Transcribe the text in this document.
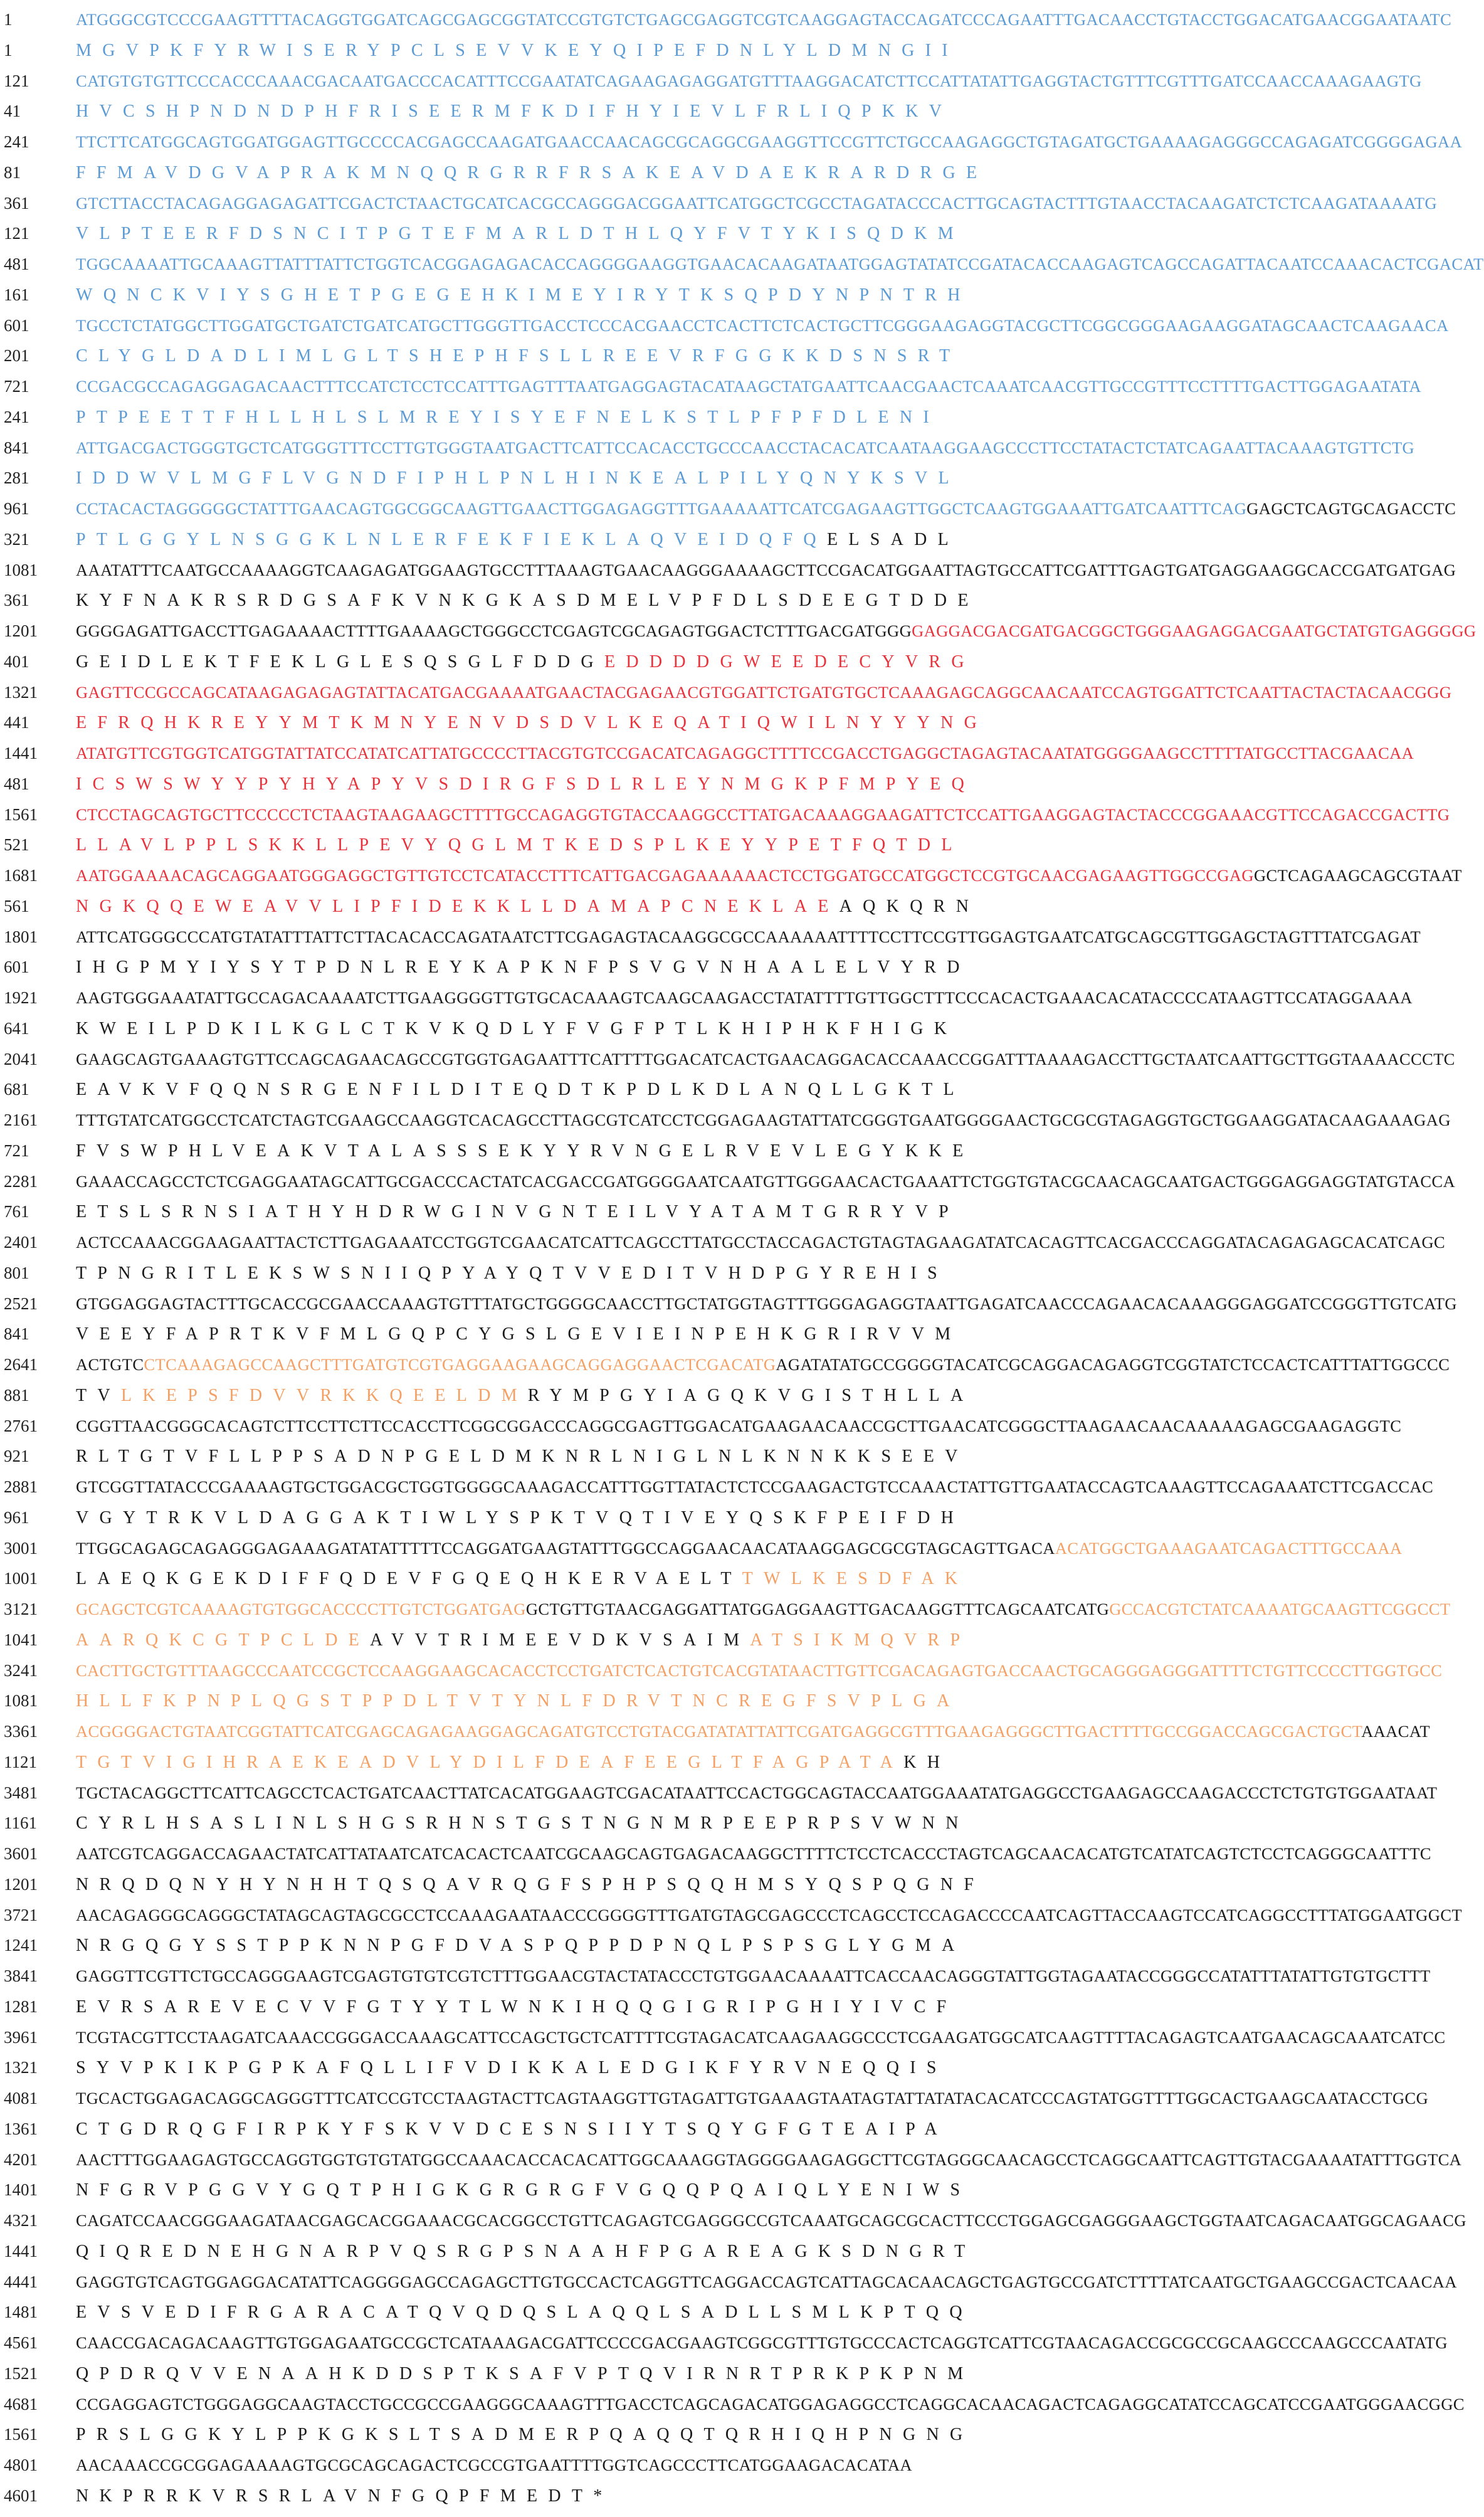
1	ATGGGCGTCCCGAAGTTTTACAGGTGGATCAGCGAGCGGTATCCGTGTCTGAGCGAGGTCGTCAAGGAGTACCAGATCCCAGAATTTGACAACCTGTACCTGGACATGAACGGAATAATC
1	MGVPKFYRWISERYPCLSEVVKEYQIPEFDNLYLDMNGII
121	CATGTGTGTTCCCACCCAAACGACAATGACCCACATTTCCGAATATCAGAAGAGAGGATGTTTAAGGACATCTTCCATTATATTGAGGTACTGTTTCGTTTGATCCAACCAAAGAAGTG
41	HVCSHPNDNDPHFRISEERMFKDIFHYIEVLFRLIQPKKV
241	TTCTTCATGGCAGTGGATGGAGTTGCCCCACGAGCCAAGATGAACCAACAGCGCAGGCGAAGGTTCCGTTCTGCCAAGAGGCTGTAGATGCTGAAAAGAGGGCCAGAGATCGGGGAGAA
81	FFMAVDGVAPRAKMNQQRGRRFRSAKEAVDAEKRARDRGE
361	GTCTTACCTACAGAGGAGAGATTCGACTCTAACTGCATCACGCCAGGGACGGAATTCATGGCTCGCCTAGATACCCACTTGCAGTACTTTGTAACCTACAAGATCTCTCAAGATAAAATG
121	VLPTEERFDSNCITPGTEFMARLDTHLQYFVTYKISQDKM
481	TGGCAAAATTGCAAAGTTATTTATTCTGGTCACGGAGAGACACCAGGGGAAGGTGAACACAAGATAATGGAGTATATCCGATACACCAAGAGTCAGCCAGATTACAATCCAAACACTCGACAT
161	WQNCKVIYSGHETPGEGEHKIMEYIRYTKSQPDYNPNTRH
601	TGCCTCTATGGCTTGGATGCTGATCTGATCATGCTTGGGTTGACCTCCCACGAACCTCACTTCTCACTGCTTCGGGAAGAGGTACGCTTCGGCGGGAAGAAGGATAGCAACTCAAGAACA
201	CLYGLDADLIMLGLTSHEPHFSLLREEVRFGGKKDSNSRT
721	CCGACGCCAGAGGAGACAACTTTCCATCTCCTCCATTTGAGTTTAATGAGGAGTACATAAGCTATGAATTCAACGAACTCAAATCAACGTTGCCGTTTCCTTTTGACTTGGAGAATATA
241	PTPEETTFHLLHLSLMREYISYEFNELKSTLPFPFDLENI
841	ATTGACGACTGGGTGCTCATGGGTTTCCTTGTGGGTAATGACTTCATTCCACACCTGCCCAACCTACACATCAATAAGGAAGCCCTTCCTATACTCTATCAGAATTACAAAGTGTTCTG
281	IDDWVLMGFLVGNDFIPHLPNLHINKEALPILYQNYKSVL
961	CCTACACTAGGGGGCTATTTGAACAGTGGCGGCAAGTTGAACTTGGAGAGGTTTGAAAAATTCATCGAGAAGTTGGCTCAAGTGGAAATTGATCAATTTCAGGAGCTCAGTGCAGACCTC
321	PTLGGYLNSGGKLNLERFEKFIEKLAQVEIDQFQELSADL
1081	AAATATTTCAATGCCAAAAGGTCAAGAGATGGAAGTGCCTTTAAAGTGAACAAGGGAAAAGCTTCCGACATGGAATTAGTGCCATTCGATTTGAGTGATGAGGAAGGCACCGATGATGAG
361	KYFNAKRSRDGSAFKVNKGKASDMELVPFDLSDEEGTDDE
1201	GGGGAGATTGACCTTGAGAAAACTTTTGAAAAGCTGGGCCTCGAGTCGCAGAGTGGACTCTTTGACGATGGGGAGGACGACGATGACGGCTGGGAAGAGGACGAATGCTATGTGAGGGGG
401	GEIDLEKTFEKLGLESQSGLFDDGEDDDDGWEEDECYVRG
1321	GAGTTCCGCCAGCATAAGAGAGAGTATTACATGACGAAAATGAACTACGAGAACGTGGATTCTGATGTGCTCAAAGAGCAGGCAACAATCCAGTGGATTCTCAATTACTACTACAACGGG
441	EFRQHKREYYMTKMNYENVDSDVLKEQATIQWILNYYYNG
1441	ATATGTTCGTGGTCATGGTATTATCCATATCATTATGCCCCTTACGTGTCCGACATCAGAGGCTTTTCCGACCTGAGGCTAGAGTACAATATGGGGAAGCCTTTTATGCCTTACGAACAA
481	ICSWSWYYPYHYAPYVSDIRGFSDLRLEYNMGKPFMPYEQ
1561	CTCCTAGCAGTGCTTCCCCCTCTAAGTAAGAAGCTTTTGCCAGAGGTGTACCAAGGCCTTATGACAAAGGAAGATTCTCCATTGAAGGAGTACTACCCGGAAACGTTCCAGACCGACTTG
521	LLAVLPPLSKKLLPEVYQGLMTKEDSPLKEYYPETFQTDL
1681	AATGGAAAACAGCAGGAATGGGAGGCTGTTGTCCTCATACCTTTCATTGACGAGAAAAAACTCCTGGATGCCATGGCTCCGTGCAACGAGAAGTTGGCCGAGGCTCAGAAGCAGCGTAAT
561	NGKQQEWEAVVLIPFIDEKKLLDAMAPCNEKLAEAQKQRN
1801	ATTCATGGGCCCATGTATATTTATTCTTACACACCAGATAATCTTCGAGAGTACAAGGCGCCAAAAAATTTTCCTTCCGTTGGAGTGAATCATGCAGCGTTGGAGCTAGTTTATCGAGAT
601	IHGPMYIYSYTPDNLREYKAPKNFPSVGVNHAALELVYRD
1921	AAGTGGGAAATATTGCCAGACAAAATCTTGAAGGGGTTGTGCACAAAGTCAAGCAAGACCTATATTTTGTTGGCTTTCCCACACTGAAACACATACCCCATAAGTTCCATAGGAAAA
641	KWEILPDKILKGLCTKVKQDLYFVGFPTLKHIPHKFHIGK
2041	GAAGCAGTGAAAGTGTTCCAGCAGAACAGCCGTGGTGAGAATTTCATTTTGGACATCACTGAACAGGACACCAAACCGGATTTAAAAGACCTTGCTAATCAATTGCTTGGTAAAACCCTC
681	EAVKVFQQNSRGENFILDITEQDTKPDLKDLANQLLGKTL
2161	TTTGTATCATGGCCTCATCTAGTCGAAGCCAAGGTCACAGCCTTAGCGTCATCCTCGGAGAAGTATTATCGGGTGAATGGGGAACTGCGCGTAGAGGTGCTGGAAGGATACAAGAAAGAG
721	FVSWPHLVEAKVTALASSSEKYYRVNGELRVEVLEGYKKE
2281	GAAACCAGCCTCTCGAGGAATAGCATTGCGACCCACTATCACGACCGATGGGGAATCAATGTTGGGAACACTGAAATTCTGGTGTACGCAACAGCAATGACTGGGAGGAGGTATGTACCA
761	ETSLSRNSIATHYHDRWGINVGNTEILVYATAMTGRRYVP
2401	ACTCCAAACGGAAGAATTACTCTTGAGAAATCCTGGTCGAACATCATTCAGCCTTATGCCTACCAGACTGTAGTAGAAGATATCACAGTTCACGACCCAGGATACAGAGAGCACATCAGC
801	TPNGRITLEKSWSNIIQPYAYQTVVEDITVHDPGYREHIS
2521	GTGGAGGAGTACTTTGCACCGCGAACCAAAGTGTTTATGCTGGGGCAACCTTGCTATGGTAGTTTGGGAGAGGTAATTGAGATCAACCCAGAACACAAAGGGAGGATCCGGGTTGTCATG
841	VEEYFAPRTKVFMLGQPCYGSLGEVIEINPEHKGRIRVVM
2641	ACTGTCCTCAAAGAGCCAAGCTTTGATGTCGTGAGGAAGAAGCAGGAGGAACTCGACATGAGATATATGCCGGGGTACATCGCAGGACAGAGGTCGGTATCTCCACTCATTTATTGGCCC
881	TVLKEPSFDVVRKKQEELDMRYMPGYIAGQKVGISTHLLA
2761	CGGTTAACGGGCACAGTCTTCCTTCTTCCACCTTCGGCGGACCCAGGCGAGTTGGACATGAAGAACAACCGCTTGAACATCGGGCTTAAGAACAACAAAAAGAGCGAAGAGGTC
921	RLTGTVFLLPPSADNPGELDMKNRLNIGLNLKNNKKSEEV
2881	GTCGGTTATACCCGAAAAGTGCTGGACGCTGGTGGGGCAAAGACCATTTGGTTATACTCTCCGAAGACTGTCCAAACTATTGTTGAATACCAGTCAAAGTTCCAGAAATCTTCGACCAC
961	VGYTRKVLDAGGAKTIWLYSPKTVQTIVEYQSKFPEIFDH
3001	TTGGCAGAGCAGAGGGAGAAAGATATATTTTTCCAGGATGAAGTATTTGGCCAGGAACAACATAAGGAGCGCGTAGCAGTTGACAACATGGCTGAAAGAATCAGACTTTGCCAAA
1001	LAEQKGEKDIFFQDEVFGQEQHKERVAELTTWLKESDFAK
3121	GCAGCTCGTCAAAAGTGTGGCACCCCTTGTCTGGATGAGGCTGTTGTAACGAGGATTATGGAGGAAGTTGACAAGGTTTCAGCAATCATGGCCACGTCTATCAAAATGCAAGTTCGGCCT
1041	AARQKCGTPCLDEAVVTRIMEEVDKVSAIMATSIKMQVRP
3241	CACTTGCTGTTTAAGCCCAATCCGCTCCAAGGAAGCACACCTCCTGATCTCACTGTCACGTATAACTTGTTCGACAGAGTGACCAACTGCAGGGAGGGATTTTCTGTTCCCCTTGGTGCC
1081	HLLFKPNPLQGSTPPDLTVTYNLFDRVTNCREGFSVPLGA
3361	ACGGGGACTGTAATCGGTATTCATCGAGCAGAGAAGGAGCAGATGTCCTGTACGATATATTATTCGATGAGGCGTTTGAAGAGGGCTTGACTTTTGCCGGACCAGCGACTGCTAAACAT
1121	TGTVIGIHRAEKEADVLYDILFDEAFEEGLTFAGPATAKH
3481	TGCTACAGGCTTCATTCAGCCTCACTGATCAACTTATCACATGGAAGTCGACATAATTCCACTGGCAGTACCAATGGAAATATGAGGCCTGAAGAGCCAAGACCCTCTGTGTGGAATAAT
1161	CYRLHSASLINLSHGSRHNSTGSTNGNMRPEEPRPSVWNN
3601	AATCGTCAGGACCAGAACTATCATTATAATCATCACACTCAATCGCAAGCAGTGAGACAAGGCTTTTCTCCTCACCCTAGTCAGCAACACATGTCATATCAGTCTCCTCAGGGCAATTTC
1201	NRQDQNYHYNHHTQSQAVRQGFSPHPSQQHMSYQSPQGNF
3721	AACAGAGGGCAGGGCTATAGCAGTAGCGCCTCCAAAGAATAACCCGGGGTTTGATGTAGCGAGCCCTCAGCCTCCAGACCCCAATCAGTTACCAAGTCCATCAGGCCTTTATGGAATGGCT
1241	NRGQGYSSTPPKNNPGFDVASPQPPDPNQLPSPSGLYGMA
3841	GAGGTTCGTTCTGCCAGGGAAGTCGAGTGTGTCGTCTTTGGAACGTACTATACCCTGTGGAACAAAATTCACCAACAGGGTATTGGTAGAATACCGGGCCATATTTATATTGTGTGCTTT
1281	EVRSAREVECVVFGTYYTLWNKIHQQGIGRIPGHIYIVCF
3961	TCGTACGTTCCTAAGATCAAACCGGGACCAAAGCATTCCAGCTGCTCATTTTCGTAGACATCAAGAAGGCCCTCGAAGATGGCATCAAGTTTTACAGAGTCAATGAACAGCAAATCATCC
1321	SYVPKIKPGPKAFQLLIFVDIKKALEDGIKFYRVNEQQIS
4081	TGCACTGGAGACAGGCAGGGTTTCATCCGTCCTAAGTACTTCAGTAAGGTTGTAGATTGTGAAAGTAATAGTATTATATACACATCCCAGTATGGTTTTGGCACTGAAGCAATACCTGCG
1361	CTGDRQGFIRPKYFSKVVDCESNSIIYTSQYGFGTEAIPA
4201	AACTTTGGAAGAGTGCCAGGTGGTGTGTATGGCCAAACACCACACATTGGCAAAGGTAGGGGAAGAGGCTTCGTAGGGCAACAGCCTCAGGCAATTCAGTTGTACGAAAATATTTGGTCA
1401	NFGRVPGGVYGQTPHIGKGRGRGFVGQQPQAIQLYENIWS
4321	CAGATCCAACGGGAAGATAACGAGCACGGAAACGCACGGCCTGTTCAGAGTCGAGGGCCGTCAAATGCAGCGCACTTCCCTGGAGCGAGGGAAGCTGGTAATCAGACAATGGCAGAACG
1441	QIQREDNEHGNARPVQSRGPSNAAHFPGAREAGKSDNGRT
4441	GAGGTGTCAGTGGAGGACATATTCAGGGGAGCCAGAGCTTGTGCCACTCAGGTTCAGGACCAGTCATTAGCACAACAGCTGAGTGCCGATCTTTTATCAATGCTGAAGCCGACTCAACAA
1481	EVSVEDIFRGARACATQVQDQSLAQQLSADLLSMLKPTQQ
4561	CAACCGACAGACAAGTTGTGGAGAATGCCGCTCATAAAGACGATTCCCCGACGAAGTCGGCGTTTGTGCCCACTCAGGTCATTCGTAACAGACCGCGCCGCAAGCCCAAGCCCAATATG
1521	QPDRQVVENAAHKDDSPTKSAFVPTQVIRNRTPRKPKPNM
4681	CCGAGGAGTCTGGGAGGCAAGTACCTGCCGCCGAAGGGCAAAGTTTGACCTCAGCAGACATGGAGAGGCCTCAGGCACAACAGACTCAGAGGCATATCCAGCATCCGAATGGGAACGGC
1561	PRSLGGKYLPPKGKSLTSADMERPQAQQTQRHIQHPNGNG
4801	AACAAACCGCGGAGAAAAGTGCGCAGCAGACTCGCCGTGAATTTTGGTCAGCCCTTCATGGAAGACACATAA
4601	NKPRRKVRSRLAVNFGQPFMEDT*
